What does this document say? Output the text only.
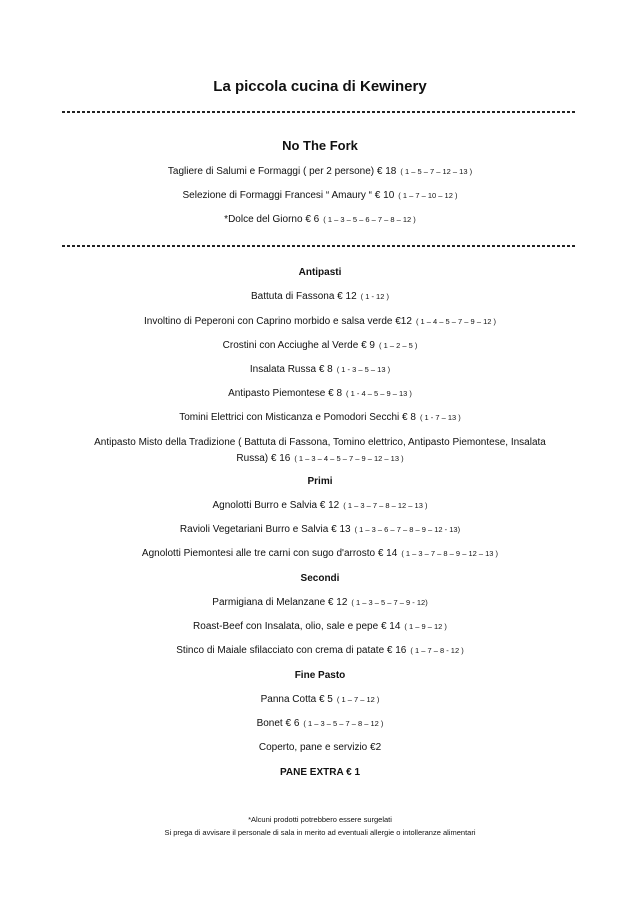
La piccola cucina di Kewinery
No The Fork
Tagliere di Salumi e Formaggi ( per 2 persone) € 18 ( 1 – 5 – 7 – 12 – 13 )
Selezione di Formaggi Francesi “ Amaury “ € 10 ( 1 – 7 – 10 – 12 )
*Dolce del Giorno € 6 ( 1 – 3 – 5 – 6 – 7 – 8 – 12 )
Antipasti
Battuta di Fassona € 12 ( 1 - 12 )
Involtino di Peperoni con Caprino morbido e salsa verde €12 ( 1 – 4 – 5 – 7 – 9 – 12 )
Crostini con Acciughe al Verde € 9 ( 1 – 2 – 5 )
Insalata Russa € 8 ( 1 - 3 – 5 – 13 )
Antipasto Piemontese € 8 ( 1 - 4 – 5 – 9 – 13 )
Tomini Elettrici con Misticanza e Pomodori Secchi € 8 ( 1 - 7 – 13 )
Antipasto Misto della Tradizione ( Battuta di Fassona, Tomino elettrico, Antipasto Piemontese, Insalata
Russa) € 16 ( 1 – 3 – 4 – 5 – 7 – 9 – 12 – 13 )
Primi
Agnolotti Burro e Salvia € 12 ( 1 – 3 – 7 – 8 – 12 – 13 )
Ravioli Vegetariani Burro e Salvia € 13 ( 1 – 3 – 6 – 7 – 8 – 9 – 12 - 13)
Agnolotti Piemontesi alle tre carni con sugo d'arrosto € 14 ( 1 – 3 – 7 – 8 – 9 – 12 – 13 )
Secondi
Parmigiana di Melanzane € 12 ( 1 – 3 – 5 – 7 – 9 - 12)
Roast-Beef con Insalata, olio, sale e pepe € 14 ( 1 – 9 – 12 )
Stinco di Maiale sfilacciato con crema di patate € 16 ( 1 – 7 – 8 - 12 )
Fine Pasto
Panna Cotta € 5 ( 1 – 7 – 12 )
Bonet € 6 ( 1 – 3 – 5 – 7 – 8 – 12 )
Coperto, pane e servizio €2
PANE EXTRA € 1
*Alcuni prodotti potrebbero essere surgelati
Si prega di avvisare il personale di sala in merito ad eventuali allergie o intolleranze alimentari
